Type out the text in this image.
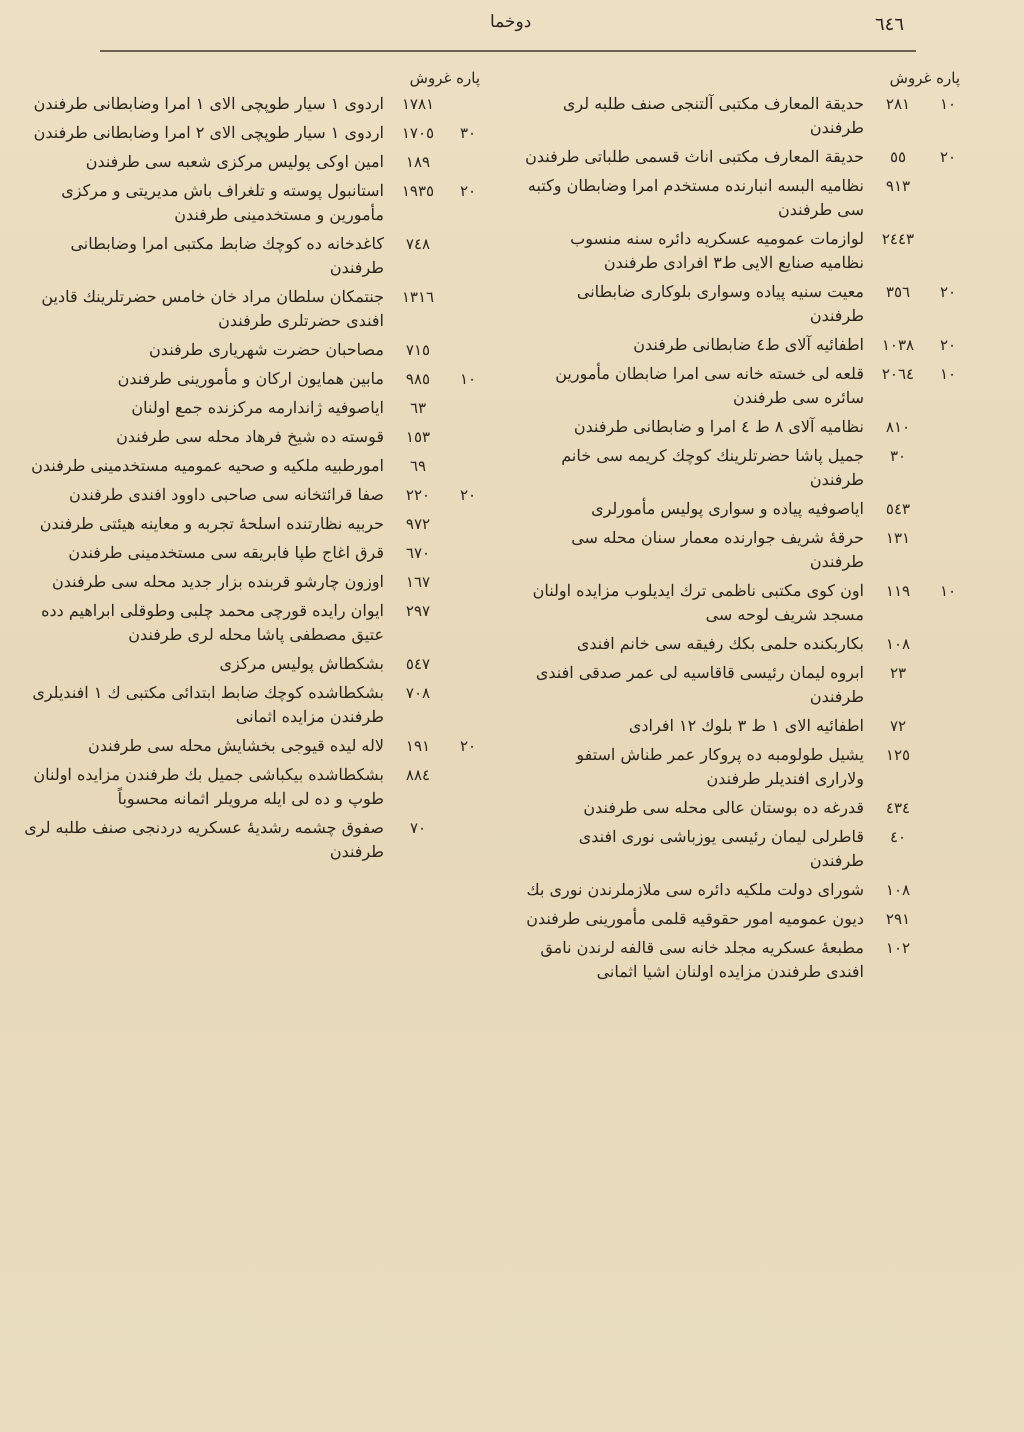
دوخما	٦٤٦
پاره غروش
١٠
٢٨١
حديقة المعارف مكتبى آلتنجى صنف طلبه لرى طرفندن
٢٠
٥٥
حديقة المعارف مكتبى اناث قسمى طلباتى طرفندن
٩١٣
نظاميه البسه انبارنده مستخدم امرا وضابطان وكتبه سى طرفندن
٢٤٤٣
لوازمات عموميه عسكريه دائره سنه منسوب نظاميه صنايع الايى ط٣ افرادى طرفندن
٢٠
٣٥٦
معيت سنيه پياده وسوارى بلوكارى ضابطانى طرفندن
٢٠
١٠٣٨
اطفائيه آلاى ط٤ ضابطانى طرفندن
١٠
٢٠٦٤
قلعه لى خسته خانه سى امرا ضابطان مأمورين سائره سى طرفندن
٨١٠
نظاميه آلاى ٨ ط ٤ امرا و ضابطانى طرفندن
٣٠
جميل پاشا حضرتلرينك كوچك كريمه سى خانم طرفندن
٥٤٣
اياصوفيه پياده و سوارى پوليس مأمورلرى
١٣١
حرقۀ شريف جوارنده معمار سنان محله سى طرفندن
١٠
١١٩
اون كوى مكتبى ناظمى ترك ايديلوب مزايده اولنان مسجد شريف لوحه سى
١٠٨
بكاربكنده حلمى بكك رفيقه سى خانم افندى
٢٣
ابروه ليمان رئيسى قاقاسيه لى عمر صدقى افندى طرفندن
٧٢
اطفائيه الاى ١ ط ٣ بلوك ١٢ افرادى
١٢٥
يشيل طولومبه ده پروكار عمر طناش استفو ولارارى افنديلر طرفندن
٤٣٤
قدرغه ده بوستان عالى محله سى طرفندن
٤٠
قاطرلى ليمان رئيسى يوزباشى نورى افندى طرفندن
١٠٨
شوراى دولت ملكيه دائره سى ملازملرندن نورى بك
٢٩١
ديون عموميه امور حقوقيه قلمى مأمورينى طرفندن
١٠٢
مطبعۀ عسكريه مجلد خانه سى قالفه لرندن نامق افندى طرفندن مزايده اولنان اشيا اثمانى
پاره غروش
١٧٨١
اردوى ١ سيار طوپچى الاى ١ امرا وضابطانى طرفندن
٣٠
١٧٠٥
اردوى ١ سيار طوپچى الاى ٢ امرا وضابطانى طرفندن
١٨٩
امين اوكى پوليس مركزى شعبه سى طرفندن
٢٠
١٩٣٥
استانبول پوسته و تلغراف باش مديريتى و مركزى مأمورين و مستخدمينى طرفندن
٧٤٨
كاغدخانه ده كوچك ضابط مكتبى امرا وضابطانى طرفندن
١٣١٦
جنتمكان سلطان مراد خان خامس حضرتلرينك قادين افندى حضرتلرى طرفندن
٧١٥
مصاحبان حضرت شهريارى طرفندن
١٠
٩٨٥
مابين همايون اركان و مأمورينى طرفندن
٦٣
اياصوفيه ژاندارمه مركزنده جمع اولنان
١٥٣
قوسته ده شيخ فرهاد محله سى طرفندن
٦٩
امورطبيه ملكيه و صحيه عموميه مستخدمينى طرفندن
٢٠
٢٢٠
صفا قرائتخانه سى صاحبى داوود افندى طرفندن
٩٧٢
حربيه نظارتنده اسلحۀ تجربه و معاينه هيئتى طرفندن
٦٧٠
قرق اغاج طپا فابريقه سى مستخدمينى طرفندن
١٦٧
اوزون چارشو قربنده بزار جديد محله سى طرفندن
٢٩٧
ايوان رايده قورچى محمد چلبى وطوقلى ابراهيم دده عتيق مصطفى پاشا محله لرى طرفندن
٥٤٧
بشكطاش پوليس مركزى
٧٠٨
بشكطاشده كوچك ضابط ابتدائى مكتبى ك ١ افنديلرى طرفندن مزايده اثمانى
٢٠
١٩١
لاله ليده قيوجى بخشايش محله سى طرفندن
٨٨٤
بشكطاشده بيكباشى جميل بك طرفندن مزايده اولنان طوپ و ده لى ايله مرويلر اثمانه محسوباً
٧٠
صفوق چشمه رشديۀ عسكريه دردنجى صنف طلبه لرى طرفندن
